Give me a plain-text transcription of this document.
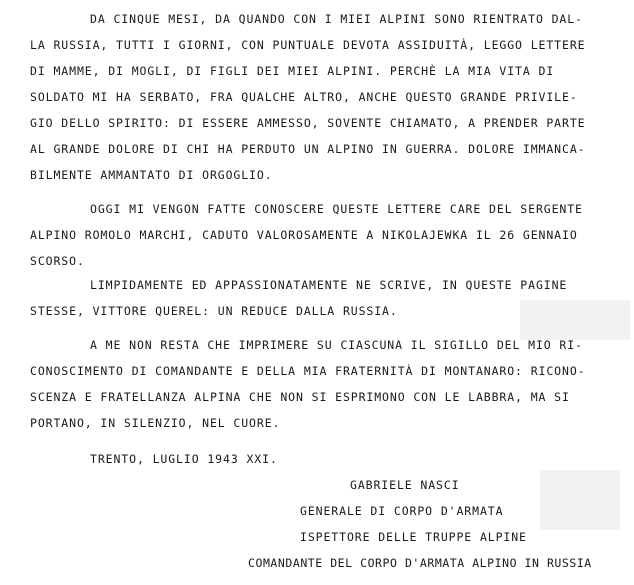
DA CINQUE MESI, DA QUANDO CON I MIEI ALPINI SONO RIENTRATO DAL-
LA RUSSIA, TUTTI I GIORNI, CON PUNTUALE DEVOTA ASSIDUITÀ, LEGGO LETTERE
DI MAMME, DI MOGLI, DI FIGLI DEI MIEI ALPINI. PERCHÈ LA MIA VITA DI
SOLDATO MI HA SERBATO, FRA QUALCHE ALTRO, ANCHE QUESTO GRANDE PRIVILE-
GIO DELLO SPIRITO: DI ESSERE AMMESSO, SOVENTE CHIAMATO, A PRENDER PARTE
AL GRANDE DOLORE DI CHI HA PERDUTO UN ALPINO IN GUERRA. DOLORE IMMANCA-
BILMENTE AMMANTATO DI ORGOGLIO.
OGGI MI VENGON FATTE CONOSCERE QUESTE LETTERE CARE DEL SERGENTE
ALPINO ROMOLO MARCHI, CADUTO VALOROSAMENTE A NIKOLAJEWKA IL 26 GENNAIO
SCORSO.
LIMPIDAMENTE ED APPASSIONATAMENTE NE SCRIVE, IN QUESTE PAGINE
STESSE, VITTORE QUEREL: UN REDUCE DALLA RUSSIA.
A ME NON RESTA CHE IMPRIMERE SU CIASCUNA IL SIGILLO DEL MIO RI-
CONOSCIMENTO DI COMANDANTE E DELLA MIA FRATERNITÀ DI MONTANARO: RICONO-
SCENZA E FRATELLANZA ALPINA CHE NON SI ESPRIMONO CON LE LABBRA, MA SI
PORTANO, IN SILENZIO, NEL CUORE.
TRENTO, LUGLIO 1943 XXI.
GABRIELE NASCI
GENERALE DI CORPO D'ARMATA
ISPETTORE DELLE TRUPPE ALPINE
COMANDANTE DEL CORPO D'ARMATA ALPINO IN RUSSIA
